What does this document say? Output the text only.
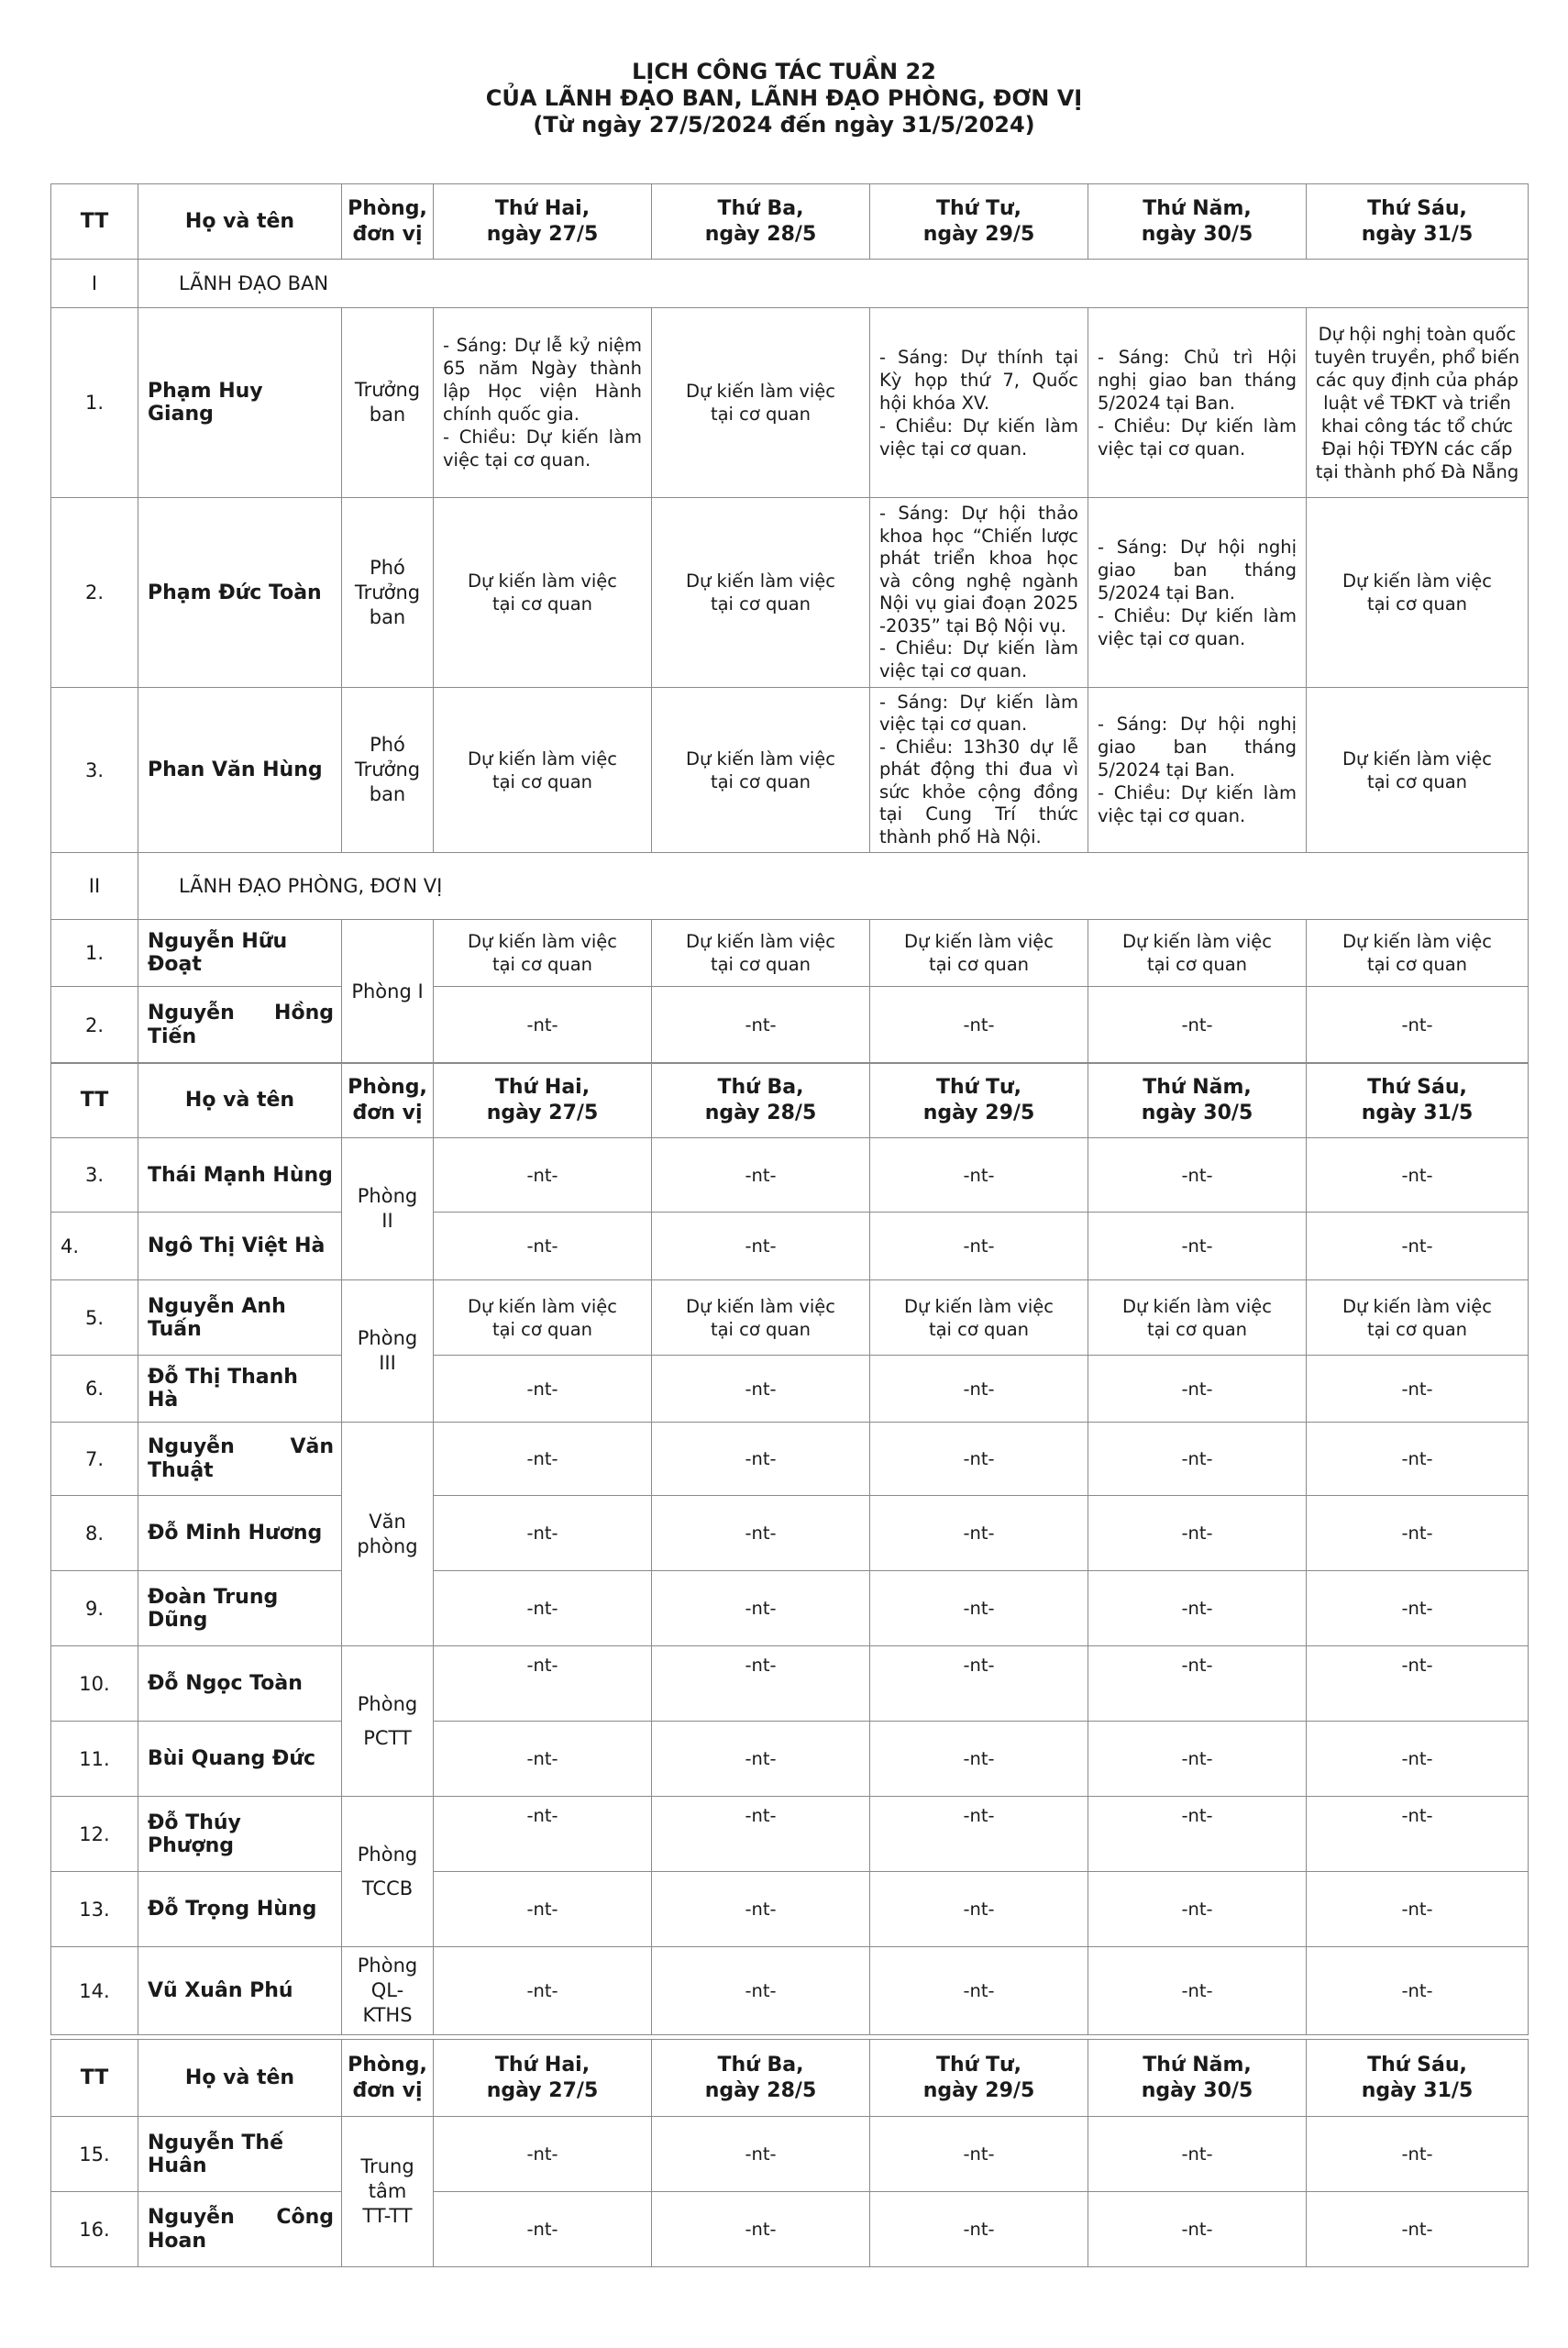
LỊCH CÔNG TÁC TUẦN 22
CỦA LÃNH ĐẠO BAN, LÃNH ĐẠO PHÒNG, ĐƠN VỊ
(Từ ngày 27/5/2024 đến ngày 31/5/2024)
TT	Họ và tên	Phòng,
đơn vị	Thứ Hai,
ngày 27/5	Thứ Ba,
ngày 28/5	Thứ Tư,
ngày 29/5	Thứ Năm,
ngày 30/5	Thứ Sáu,
ngày 31/5

I	LÃNH ĐẠO BAN						
1.	Phạm Huy Giang	Trưởng
ban	- Sáng: Dự lễ kỷ niệm 65 năm Ngày thành lập Học viện Hành chính quốc gia.
- Chiều: Dự kiến làm việc tại cơ quan.	Dự kiến làm việc
tại cơ quan	- Sáng: Dự thính tại Kỳ họp thứ 7, Quốc hội khóa XV.
- Chiều: Dự kiến làm việc tại cơ quan.	- Sáng: Chủ trì Hội nghị giao ban tháng 5/2024 tại Ban.
- Chiều: Dự kiến làm việc tại cơ quan.	Dự hội nghị toàn quốc tuyên truyền, phổ biến các quy định của pháp luật về TĐKT và triển khai công tác tổ chức Đại hội TĐYN các cấp tại thành phố Đà Nẵng
2.	Phạm Đức Toàn	Phó
Trưởng
ban	Dự kiến làm việc
tại cơ quan	Dự kiến làm việc
tại cơ quan	- Sáng: Dự hội thảo khoa học “Chiến lược phát triển khoa học và công nghệ ngành Nội vụ giai đoạn 2025 -2035” tại Bộ Nội vụ.
- Chiều: Dự kiến làm việc tại cơ quan.	- Sáng: Dự hội nghị giao ban tháng 5/2024 tại Ban.
- Chiều: Dự kiến làm việc tại cơ quan.	Dự kiến làm việc
tại cơ quan

3.	Phan Văn Hùng	Phó
Trưởng
ban	Dự kiến làm việc
tại cơ quan	Dự kiến làm việc
tại cơ quan	- Sáng: Dự kiến làm việc tại cơ quan.
- Chiều: 13h30 dự lễ phát động thi đua vì sức khỏe cộng đồng tại Cung Trí thức thành phố Hà Nội.	- Sáng: Dự hội nghị giao ban tháng 5/2024 tại Ban.
- Chiều: Dự kiến làm việc tại cơ quan.	Dự kiến làm việc
tại cơ quan

II	LÃNH ĐẠO PHÒNG, ĐƠN VỊ						
1.	Nguyễn Hữu Đoạt	Phòng I	Dự kiến làm việc
tại cơ quan	Dự kiến làm việc
tại cơ quan	Dự kiến làm việc
tại cơ quan	Dự kiến làm việc
tại cơ quan	Dự kiến làm việc
tại cơ quan

2.	Nguyễn Hồng Tiến		-nt-	-nt-	-nt-	-nt-	-nt-
TT	Họ và tên	Phòng,
đơn vị	Thứ Hai,
ngày 27/5	Thứ Ba,
ngày 28/5	Thứ Tư,
ngày 29/5	Thứ Năm,
ngày 30/5	Thứ Sáu,
ngày 31/5

3.	Thái Mạnh Hùng	Phòng
II	-nt-	-nt-	-nt-	-nt-	-nt-
4.	Ngô Thị Việt Hà		-nt-	-nt-	-nt-	-nt-	-nt-
5.	Nguyễn Anh Tuấn	Phòng
III	Dự kiến làm việc
tại cơ quan	Dự kiến làm việc
tại cơ quan	Dự kiến làm việc
tại cơ quan	Dự kiến làm việc
tại cơ quan	Dự kiến làm việc
tại cơ quan

6.	Đỗ Thị Thanh Hà		-nt-	-nt-	-nt-	-nt-	-nt-
7.	Nguyễn Văn Thuật	Văn
phòng	-nt-	-nt-	-nt-	-nt-	-nt-
8.	Đỗ Minh Hương		-nt-	-nt-	-nt-	-nt-	-nt-
9.	Đoàn Trung Dũng		-nt-	-nt-	-nt-	-nt-	-nt-
10.	Đỗ Ngọc Toàn	Phòng
PCTT	-nt-	-nt-	-nt-	-nt-	-nt-
11.	Bùi Quang Đức		-nt-	-nt-	-nt-	-nt-	-nt-
12.	Đỗ Thúy Phượng	Phòng
TCCB	-nt-	-nt-	-nt-	-nt-	-nt-
13.	Đỗ Trọng Hùng		-nt-	-nt-	-nt-	-nt-	-nt-
14.	Vũ Xuân Phú	Phòng
QL-
KTHS	-nt-	-nt-	-nt-	-nt-	-nt-
TT	Họ và tên	Phòng,
đơn vị	Thứ Hai,
ngày 27/5	Thứ Ba,
ngày 28/5	Thứ Tư,
ngày 29/5	Thứ Năm,
ngày 30/5	Thứ Sáu,
ngày 31/5

15.	Nguyễn Thế Huân	Trung
tâm
TT-TT	-nt-	-nt-	-nt-	-nt-	-nt-
16.	Nguyễn Công Hoan		-nt-	-nt-	-nt-	-nt-	-nt-
